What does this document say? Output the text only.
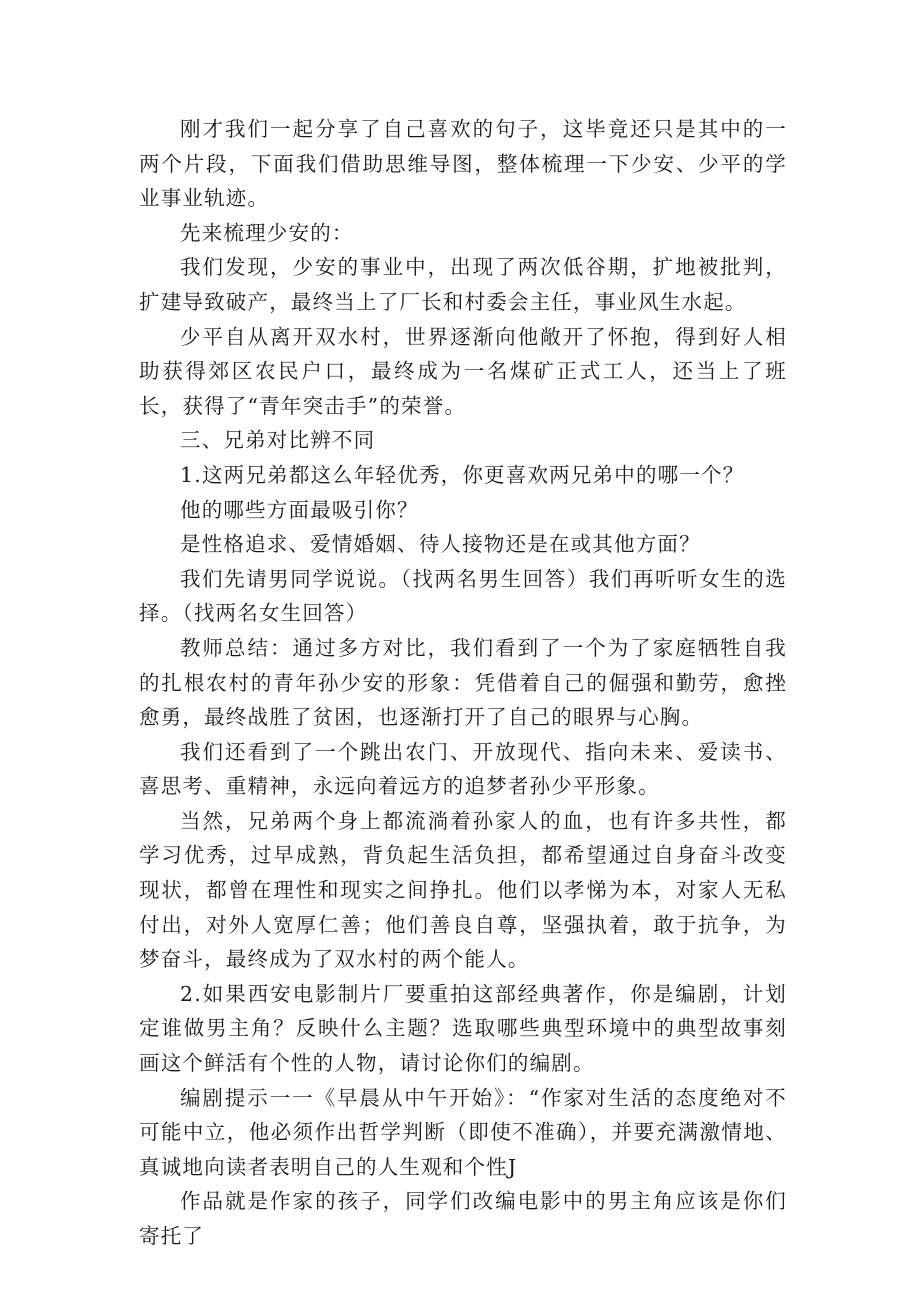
刚才我们一起分享了自己喜欢的句子，这毕竟还只是其中的一两个片段，下面我们借助思维导图，整体梳理一下少安、少平的学业事业轨迹。

先来梳理少安的：

我们发现，少安的事业中，出现了两次低谷期，扩地被批判，扩建导致破产，最终当上了厂长和村委会主任，事业风生水起。

少平自从离开双水村，世界逐渐向他敞开了怀抱，得到好人相助获得郊区农民户口，最终成为一名煤矿正式工人，还当上了班长，获得了“青年突击手”的荣誉。

三、兄弟对比辨不同

1.这两兄弟都这么年轻优秀，你更喜欢两兄弟中的哪一个？

他的哪些方面最吸引你？

是性格追求、爱情婚姻、待人接物还是在或其他方面？

我们先请男同学说说。（找两名男生回答）我们再听听女生的选择。（找两名女生回答）

教师总结：通过多方对比，我们看到了一个为了家庭牺牲自我的扎根农村的青年孙少安的形象：凭借着自己的倔强和勤劳，愈挫愈勇，最终战胜了贫困，也逐渐打开了自己的眼界与心胸。

我们还看到了一个跳出农门、开放现代、指向未来、爱读书、喜思考、重精神，永远向着远方的追梦者孙少平形象。

当然，兄弟两个身上都流淌着孙家人的血，也有许多共性，都学习优秀，过早成熟，背负起生活负担，都希望通过自身奋斗改变现状，都曾在理性和现实之间挣扎。他们以孝悌为本，对家人无私付出，对外人宽厚仁善；他们善良自尊，坚强执着，敢于抗争，为梦奋斗，最终成为了双水村的两个能人。

2.如果西安电影制片厂要重拍这部经典著作，你是编剧，计划定谁做男主角？反映什么主题？选取哪些典型环境中的典型故事刻画这个鲜活有个性的人物，请讨论你们的编剧。

编剧提示一一《早晨从中午开始》：“作家对生活的态度绝对不可能中立，他必须作出哲学判断（即使不准确），并要充满激情地、真诚地向读者表明自己的人生观和个性J

作品就是作家的孩子，同学们改编电影中的男主角应该是你们寄托了
